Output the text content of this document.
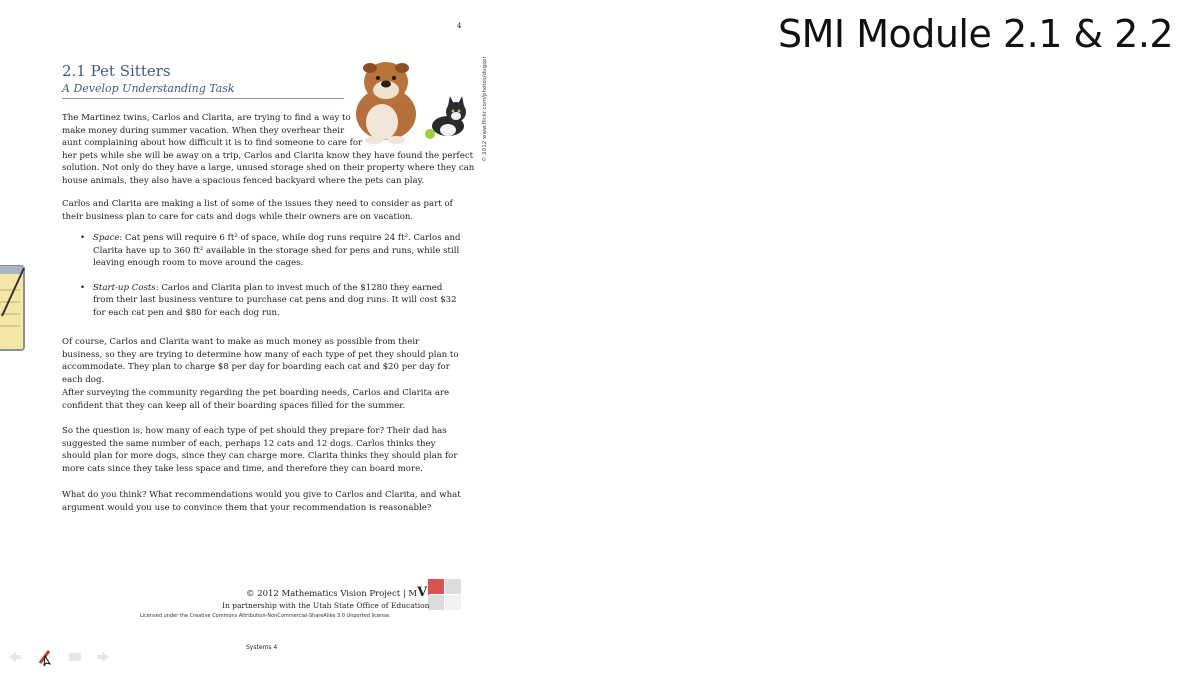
SMI Module 2.1 & 2.2
4
2.1 Pet Sitters
A Develop Understanding Task	© 2012 www.flickr.com/photos/dugspr
The Martinez twins, Carlos and Clarita, are trying to find a way to
make money during summer vacation. When they overhear their
aunt complaining about how difficult it is to find someone to care for
her pets while she will be away on a trip, Carlos and Clarita know they have found the perfect
solution. Not only do they have a large, unused storage shed on their property where they can
house animals, they also have a spacious fenced backyard where the pets can play.
Carlos and Clarita are making a list of some of the issues they need to consider as part of their business plan to care for cats and dogs while their owners are on vacation.
• Space: Cat pens will require 6 ft² of space, while dog runs require 24 ft². Carlos and Clarita have up to 360 ft² available in the storage shed for pens and runs, while still leaving enough room to move around the cages.
• Start-up Costs: Carlos and Clarita plan to invest much of the $1280 they earned from their last business venture to purchase cat pens and dog runs. It will cost $32 for each cat pen and $80 for each dog run.
Of course, Carlos and Clarita want to make as much money as possible from their business, so they are trying to determine how many of each type of pet they should plan to accommodate. They plan to charge $8 per day for boarding each cat and $20 per day for each dog.
After surveying the community regarding the pet boarding needs, Carlos and Clarita are confident that they can keep all of their boarding spaces filled for the summer.
So the question is, how many of each type of pet should they prepare for? Their dad has suggested the same number of each, perhaps 12 cats and 12 dogs. Carlos thinks they should plan for more dogs, since they can charge more. Clarita thinks they should plan for more cats since they take less space and time, and therefore they can board more.
What do you think? What recommendations would you give to Carlos and Clarita, and what argument would you use to convince them that your recommendation is reasonable?
© 2012 Mathematics Vision Project | MV
In partnership with the Utah State Office of Education
Licensed under the Creative Commons Attribution-NonCommercial-ShareAlike 3.0 Unported license.
Systems 4
